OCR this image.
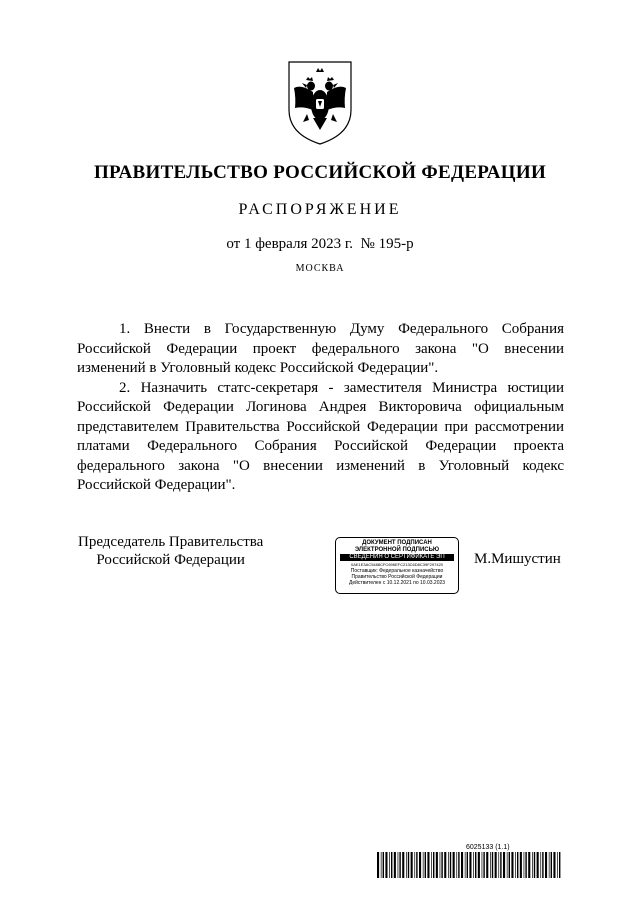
ПРАВИТЕЛЬСТВО РОССИЙСКОЙ ФЕДЕРАЦИИ
РАСПОРЯЖЕНИЕ
от 1 февраля 2023 г.  № 195-р
МОСКВА

1. Внести в Государственную Думу Федерального Собрания Российской Федерации проект федерального закона "О внесении изменений в Уголовный кодекс Российской Федерации".

2. Назначить статс-секретаря - заместителя Министра юстиции Российской Федерации Логинова Андрея Викторовича официальным представителем Правительства Российской Федерации при рассмотрении платами Федерального Собрания Российской Федерации проекта федерального закона "О внесении изменений в Уголовный кодекс Российской Федерации".

Председатель Правительства
Российской Федерации
ДОКУМЕНТ ПОДПИСАН
ЭЛЕКТРОННОЙ ПОДПИСЬЮ
СВЕДЕНИЯ О СЕРТИФИКАТЕ ЭП
0AE1E3AC5488CFC696EFC213C6D8C39F297420
Поставщик: Федеральное казначейство
Правительство Российской Федерации
Действителен с 10.12.2021 по 10.03.2023
М.Мишустин
6025133 (1.1)
